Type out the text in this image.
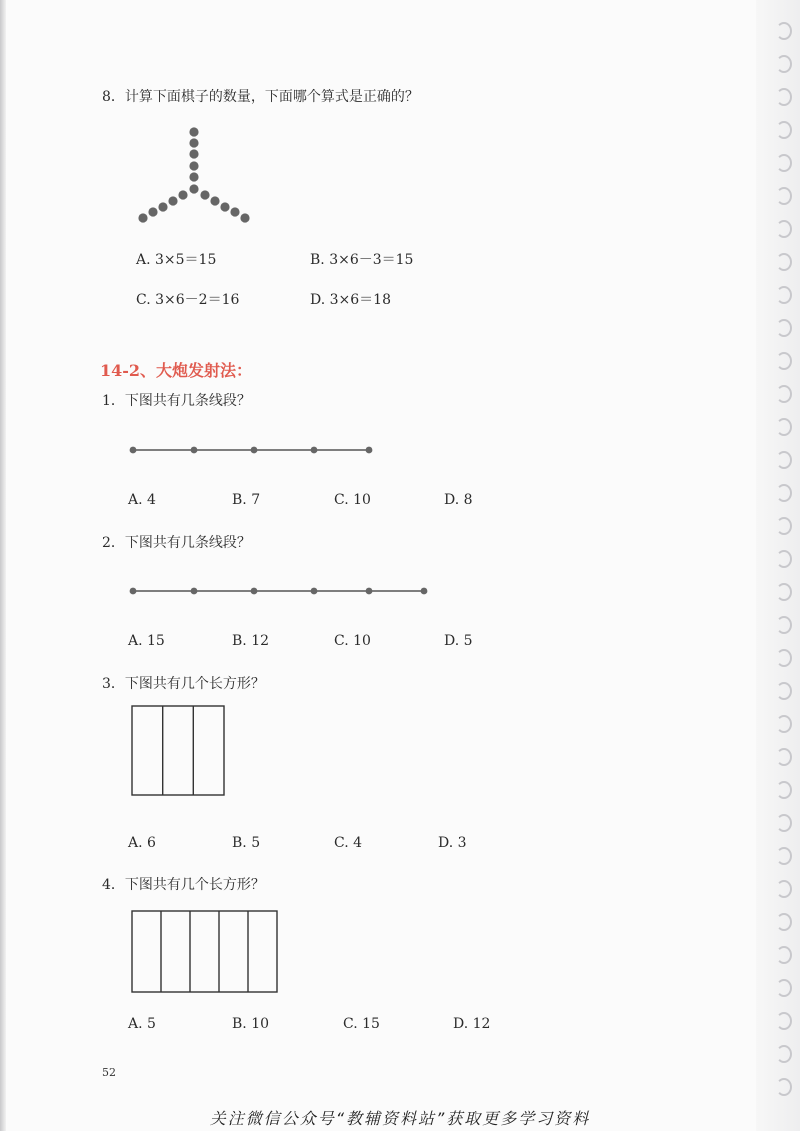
8．计算下面棋子的数量，下面哪个算式是正确的？
A. 3×5＝15	B. 3×6－3＝15
C. 3×6－2＝16	D. 3×6＝18
14-2、大炮发射法：
1．下图共有几条线段？
A. 4	B. 7	C. 10	D. 8
2．下图共有几条线段？
A. 15	B. 12	C. 10	D. 5
3．下图共有几个长方形？
A. 6	B. 5	C. 4	D. 3
4．下图共有几个长方形？
A. 5	B. 10	C. 15	D. 12
52
关注微信公众号“教辅资料站”获取更多学习资料
